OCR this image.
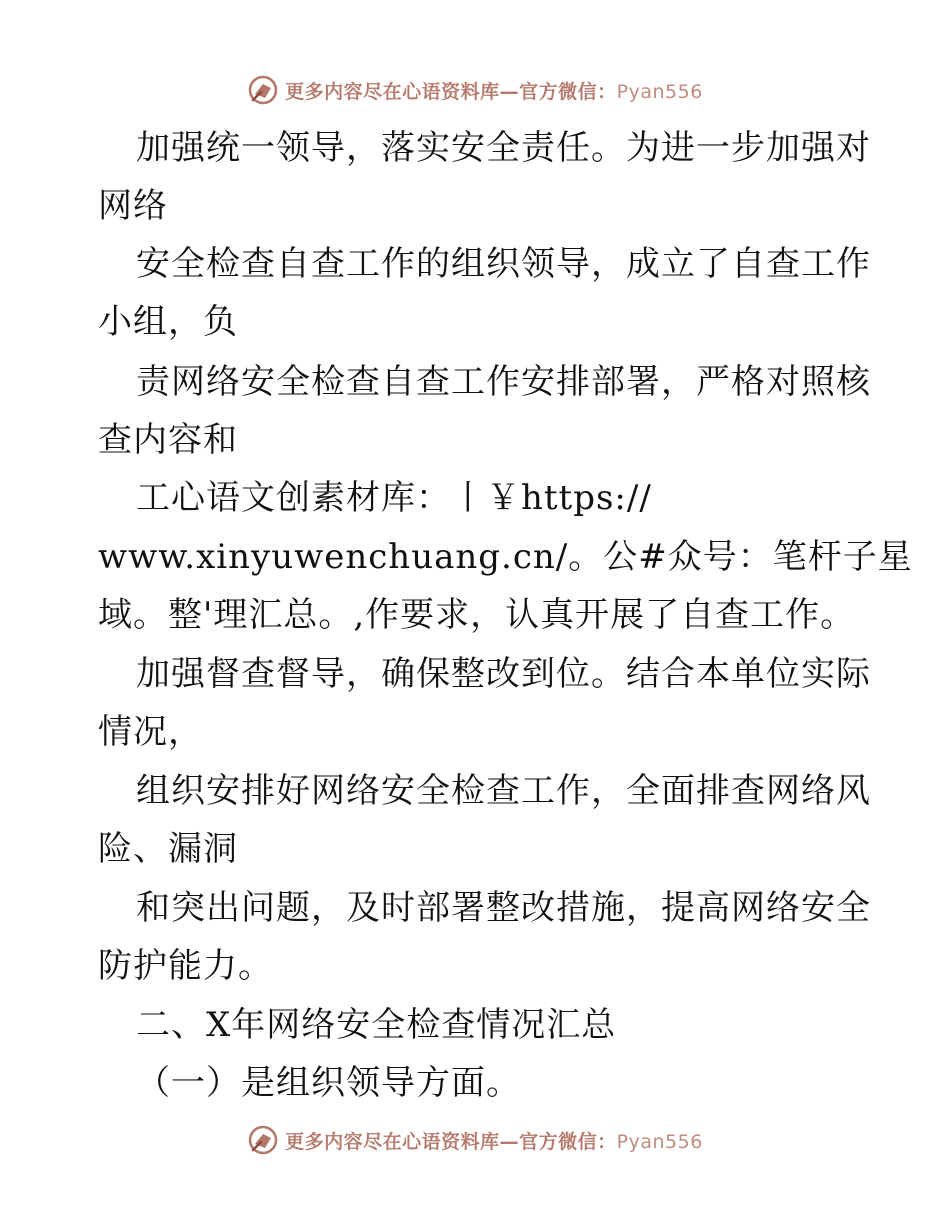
更多内容尽在心语资料库—官方微信：Pyan556
加强统一领导，落实安全责任。为进一步加强对
网络
安全检查自查工作的组织领导，成立了自查工作
小组，负
责网络安全检查自查工作安排部署，严格对照核
查内容和
工心语文创素材库：丨￥https://
www.xinyuwenchuang.cn/。公#众号：笔杆子星
域。整'理汇总。,作要求，认真开展了自查工作。
加强督查督导，确保整改到位。结合本单位实际
情况，
组织安排好网络安全检查工作，全面排查网络风
险、漏洞
和突出问题，及时部署整改措施，提高网络安全
防护能力。
二、X年网络安全检查情况汇总
（一）是组织领导方面。
更多内容尽在心语资料库—官方微信：Pyan556
